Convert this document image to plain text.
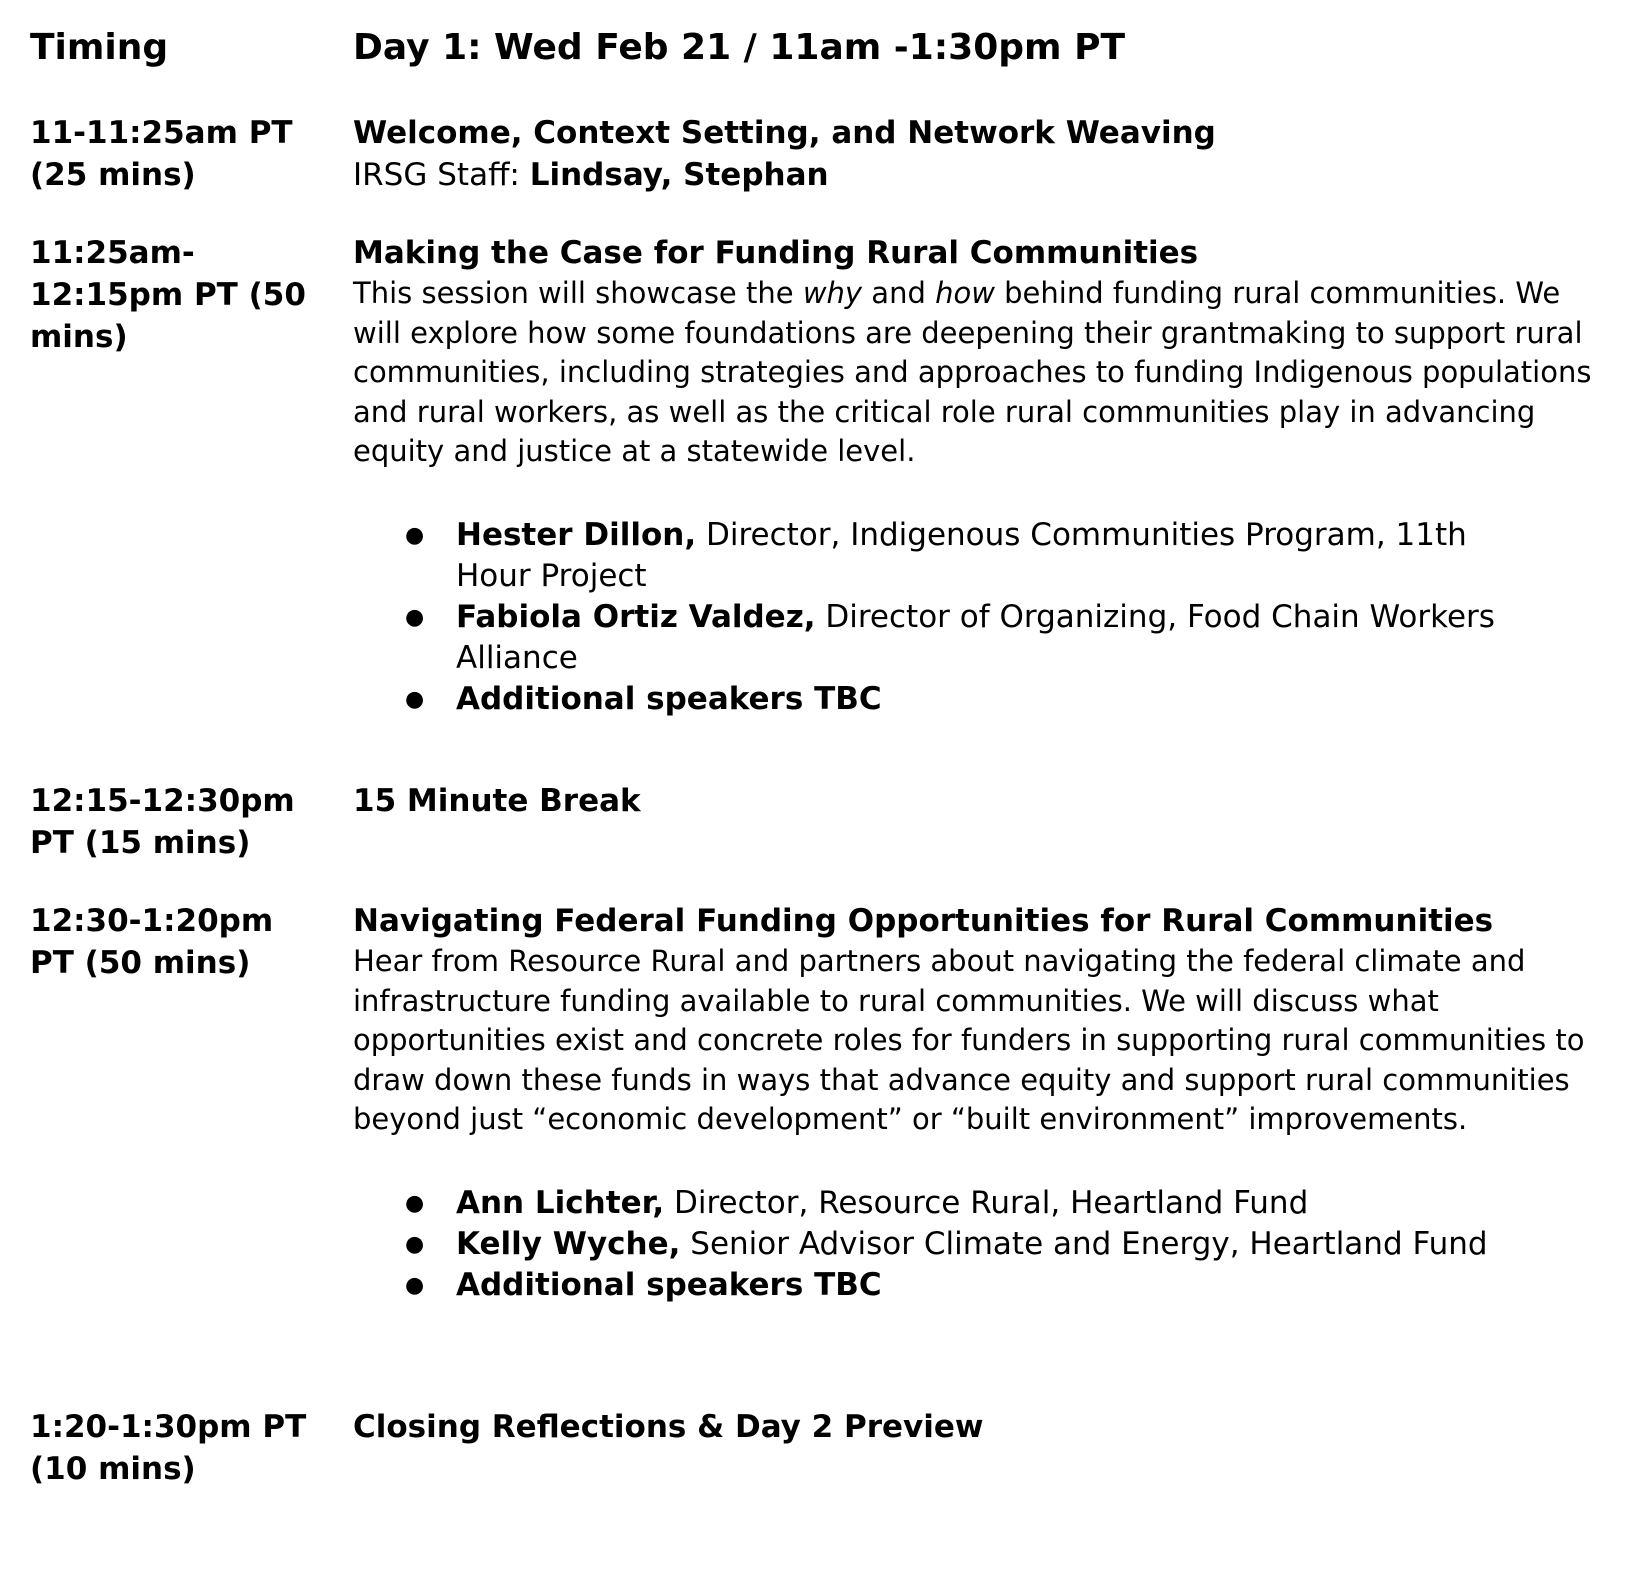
Timing	Day 1: Wed Feb 21 / 11am -1:30pm PT
11-11:25am PT (25 mins)
Welcome, Context Setting, and Network Weaving
IRSG Staff: Lindsay, Stephan
11:25am-12:15pm PT (50 mins)
Making the Case for Funding Rural Communities

This session will showcase the why and how behind funding rural communities. We will explore how some foundations are deepening their grantmaking to support rural communities, including strategies and approaches to funding Indigenous populations and rural workers, as well as the critical role rural communities play in advancing equity and justice at a statewide level.

● Hester Dillon, Director, Indigenous Communities Program, 11th Hour Project
● Fabiola Ortiz Valdez, Director of Organizing, Food Chain Workers Alliance
● Additional speakers TBC
12:15-12:30pm PT (15 mins)
15 Minute Break
12:30-1:20pm PT (50 mins)
Navigating Federal Funding Opportunities for Rural Communities

Hear from Resource Rural and partners about navigating the federal climate and infrastructure funding available to rural communities. We will discuss what opportunities exist and concrete roles for funders in supporting rural communities to draw down these funds in ways that advance equity and support rural communities beyond just “economic development” or “built environment” improvements.

● Ann Lichter, Director, Resource Rural, Heartland Fund
● Kelly Wyche, Senior Advisor Climate and Energy, Heartland Fund
● Additional speakers TBC
1:20-1:30pm PT (10 mins)
Closing Reflections & Day 2 Preview
